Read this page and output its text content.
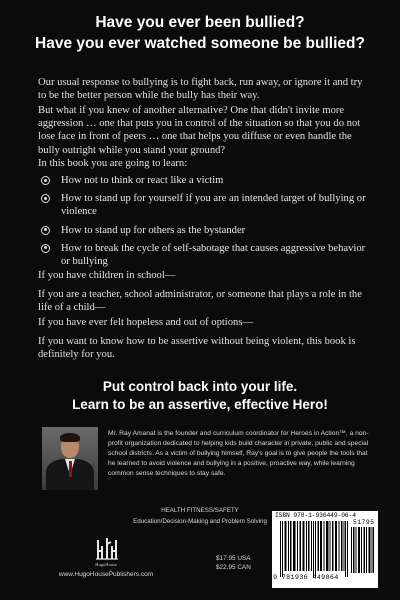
Have you ever been bullied?
Have you ever watched someone be bullied?

Our usual response to bullying is to fight back, run away, or ignore it and try to be the better person while the bully has their way.

But what if you knew of another alternative? One that didn't invite more aggression … one that puts you in control of the situation so that you do not lose face in front of peers … one that helps you diffuse or even handle the bully outright while you stand your ground?

In this book you are going to learn:

How not to think or react like a victim
How to stand up for yourself if you are an intended target of bullying or violence
How to stand up for others as the bystander
How to break the cycle of self-sabotage that causes aggressive behavior or bullying

If you have children in school—

If you are a teacher, school administrator, or someone that plays a role in the life of a child—

If you have ever felt hopeless and out of options—

If you want to know how to be assertive without being violent, this book is definitely for you.

Put control back into your life.
Learn to be an assertive, effective Hero!

Mr. Ray Amanat is the founder and curriculum coordinator for Heroes in Action™, a non-profit organization dedicated to helping kids build character in private, public and special school districts. As a victim of bullying himself, Ray's goal is to give people the tools that he learned to avoid violence and bullying in a positive, proactive way, while learning common sense techniques to stay safe.

HEALTH FITNESS/SAFETY
Education/Decision-Making and Problem Solving
HugoHouse
www.HugoHousePublishers.com
$17.95 USA
$22.95 CAN
ISBN 978-1-936449-06-4
51795
9 781936 449064
